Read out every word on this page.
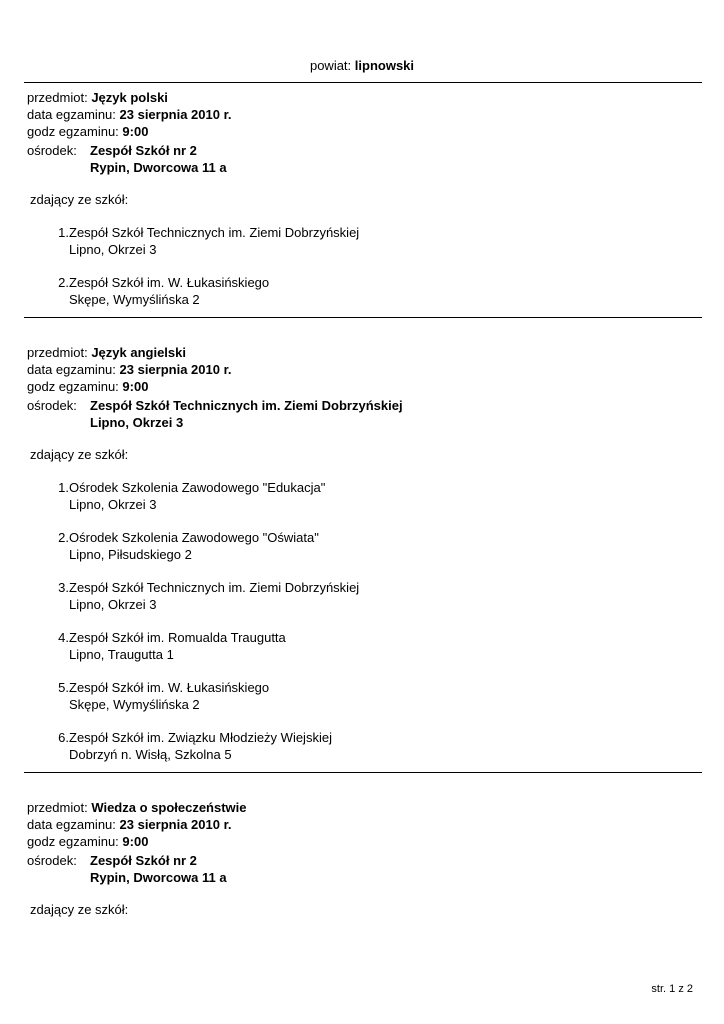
powiat: lipnowski
przedmiot: Język polski
data egzaminu: 23 sierpnia 2010 r.
godz egzaminu: 9:00
ośrodek:	Zespół Szkół nr 2
Rypin, Dworcowa 11 a
zdający ze szkół:
1. Zespół Szkół Technicznych im. Ziemi Dobrzyńskiej
Lipno, Okrzei 3
2. Zespół Szkół im. W. Łukasińskiego
Skępe, Wymyślińska 2
przedmiot: Język angielski
data egzaminu: 23 sierpnia 2010 r.
godz egzaminu: 9:00
ośrodek:	Zespół Szkół Technicznych im. Ziemi Dobrzyńskiej
Lipno, Okrzei 3
zdający ze szkół:
1. Ośrodek Szkolenia Zawodowego "Edukacja"
Lipno, Okrzei 3
2. Ośrodek Szkolenia Zawodowego "Oświata"
Lipno, Piłsudskiego 2
3. Zespół Szkół Technicznych im. Ziemi Dobrzyńskiej
Lipno, Okrzei 3
4. Zespół Szkół im. Romualda Traugutta
Lipno, Traugutta 1
5. Zespół Szkół im. W. Łukasińskiego
Skępe, Wymyślińska 2
6. Zespół Szkół im. Związku Młodzieży Wiejskiej
Dobrzyń n. Wisłą, Szkolna 5
przedmiot: Wiedza o społeczeństwie
data egzaminu: 23 sierpnia 2010 r.
godz egzaminu: 9:00
ośrodek:	Zespół Szkół nr 2
Rypin, Dworcowa 11 a
zdający ze szkół:
str. 1 z 2
